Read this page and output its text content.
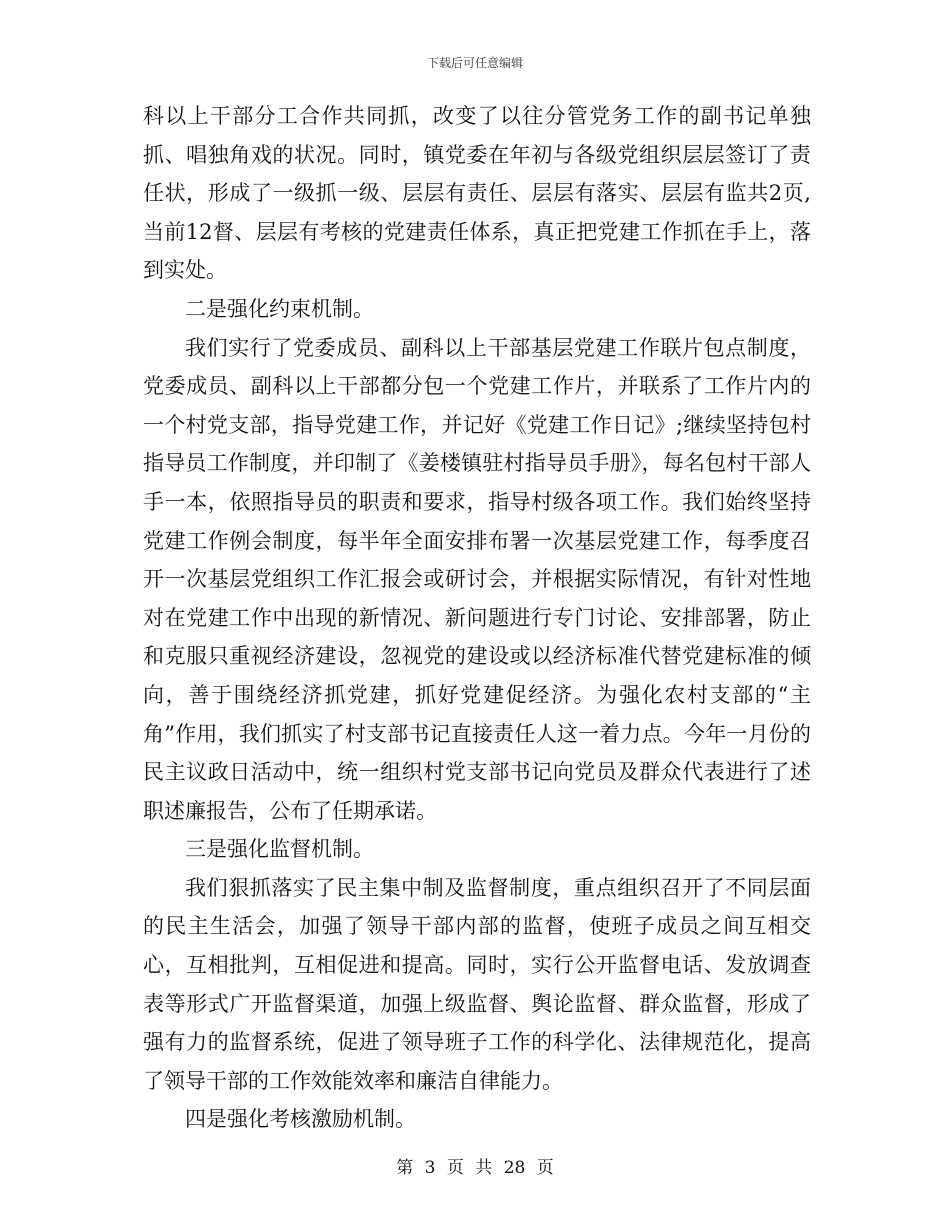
下载后可任意编辑

科以上干部分工合作共同抓，改变了以往分管党务工作的副书记单独抓、唱独角戏的状况。同时，镇党委在年初与各级党组织层层签订了责任状，形成了一级抓一级、层层有责任、层层有落实、层层有监共2页,当前12督、层层有考核的党建责任体系，真正把党建工作抓在手上，落到实处。

二是强化约束机制。

我们实行了党委成员、副科以上干部基层党建工作联片包点制度，党委成员、副科以上干部都分包一个党建工作片，并联系了工作片内的一个村党支部，指导党建工作，并记好《党建工作日记》;继续坚持包村指导员工作制度，并印制了《姜楼镇驻村指导员手册》，每名包村干部人手一本，依照指导员的职责和要求，指导村级各项工作。我们始终坚持党建工作例会制度，每半年全面安排布署一次基层党建工作，每季度召开一次基层党组织工作汇报会或研讨会，并根据实际情况，有针对性地对在党建工作中出现的新情况、新问题进行专门讨论、安排部署，防止和克服只重视经济建设，忽视党的建设或以经济标准代替党建标准的倾向，善于围绕经济抓党建，抓好党建促经济。为强化农村支部的“主角”作用，我们抓实了村支部书记直接责任人这一着力点。今年一月份的民主议政日活动中，统一组织村党支部书记向党员及群众代表进行了述职述廉报告，公布了任期承诺。

三是强化监督机制。

我们狠抓落实了民主集中制及监督制度，重点组织召开了不同层面的民主生活会，加强了领导干部内部的监督，使班子成员之间互相交心，互相批判，互相促进和提高。同时，实行公开监督电话、发放调查表等形式广开监督渠道，加强上级监督、舆论监督、群众监督，形成了强有力的监督系统，促进了领导班子工作的科学化、法律规范化，提高了领导干部的工作效能效率和廉洁自律能力。

四是强化考核激励机制。

第 3 页 共 28 页
